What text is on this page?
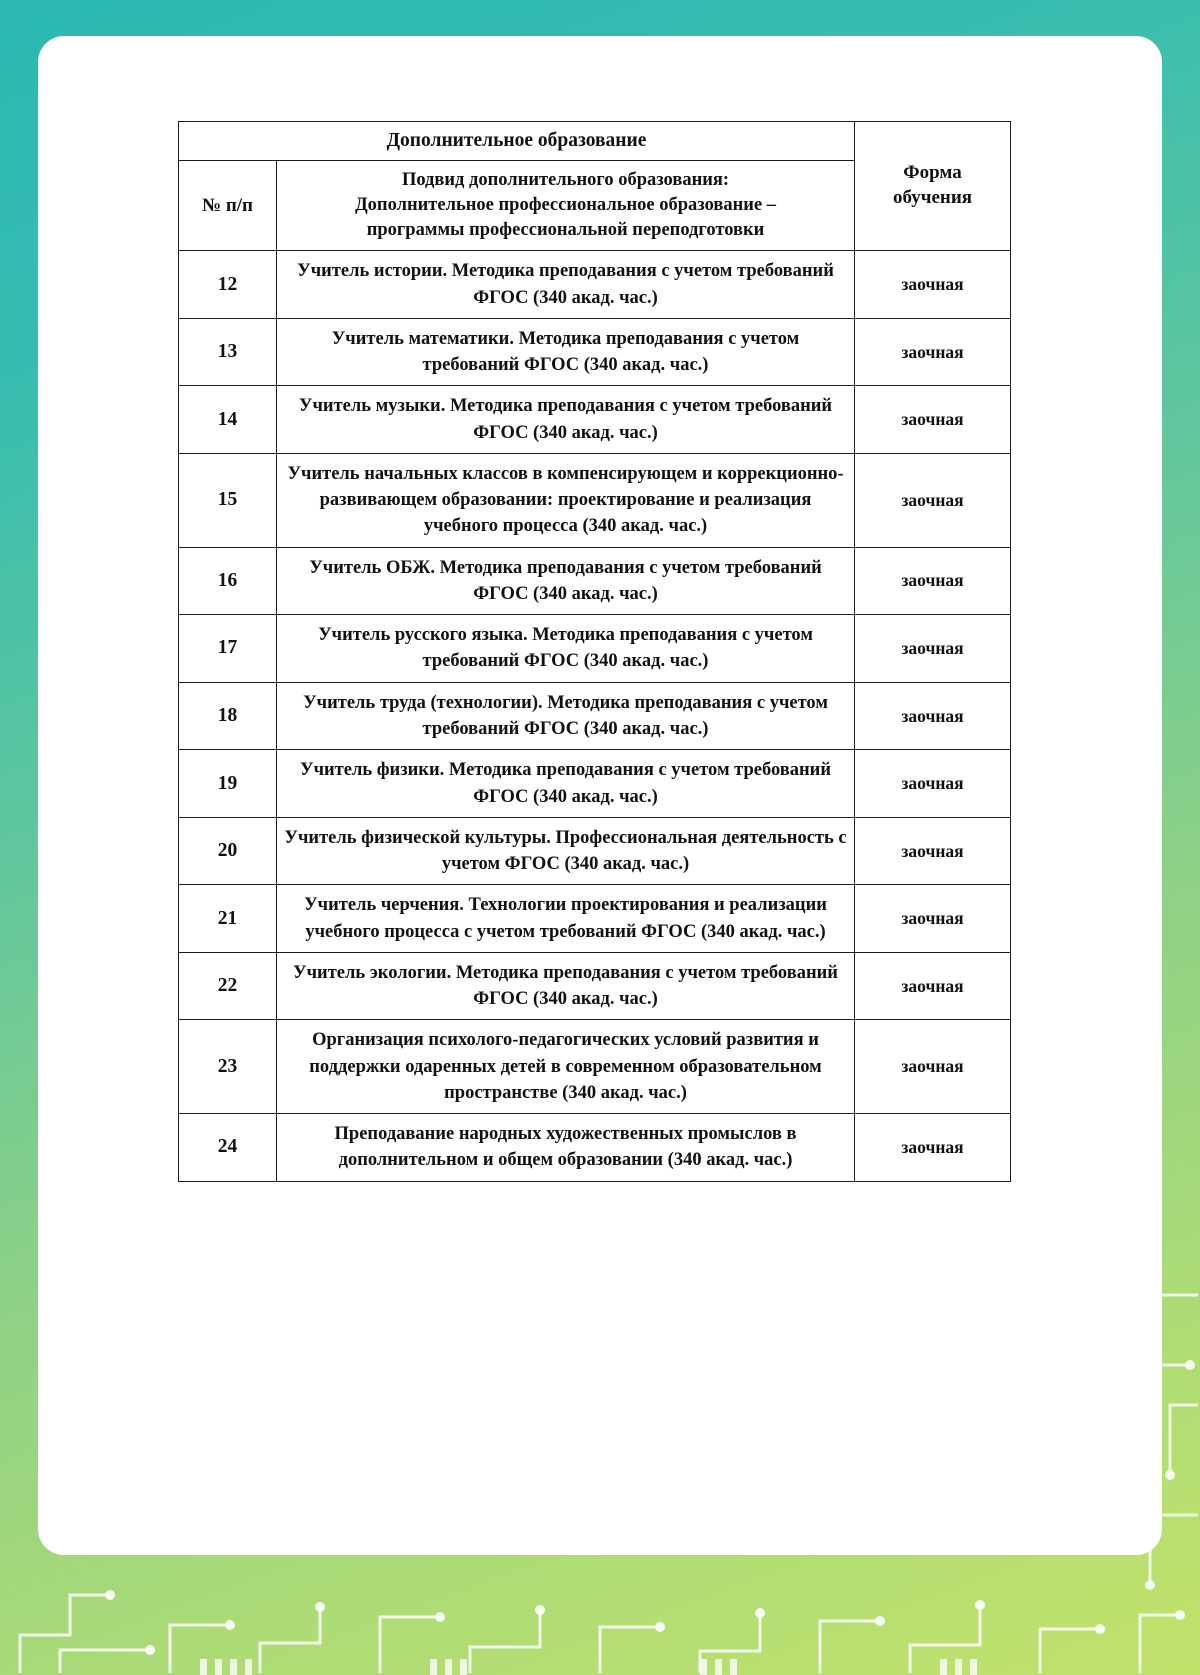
Дополнительное образование		Форма
обучения
№ п/п	Подвид дополнительного образования:
Дополнительное профессиональное образование –
программы профессиональной переподготовки	
12	Учитель истории. Методика преподавания с учетом требований ФГОС (340 акад. час.)	заочная
13	Учитель математики. Методика преподавания с учетом требований ФГОС (340 акад. час.)	заочная
14	Учитель музыки. Методика преподавания с учетом требований ФГОС (340 акад. час.)	заочная
15	Учитель начальных классов в компенсирующем и коррекционно-развивающем образовании: проектирование и реализация учебного процесса (340 акад. час.)	заочная
16	Учитель ОБЖ. Методика преподавания с учетом требований ФГОС (340 акад. час.)	заочная
17	Учитель русского языка. Методика преподавания с учетом требований ФГОС (340 акад. час.)	заочная
18	Учитель труда (технологии). Методика преподавания с учетом требований ФГОС (340 акад. час.)	заочная
19	Учитель физики. Методика преподавания с учетом требований ФГОС (340 акад. час.)	заочная
20	Учитель физической культуры. Профессиональная деятельность с учетом ФГОС (340 акад. час.)	заочная
21	Учитель черчения. Технологии проектирования и реализации учебного процесса с учетом требований ФГОС (340 акад. час.)	заочная
22	Учитель экологии. Методика преподавания с учетом требований ФГОС (340 акад. час.)	заочная
23	Организация психолого-педагогических условий развития и поддержки одаренных детей в современном образовательном пространстве (340 акад. час.)	заочная
24	Преподавание народных художественных промыслов в дополнительном и общем образовании (340 акад. час.)	заочная
